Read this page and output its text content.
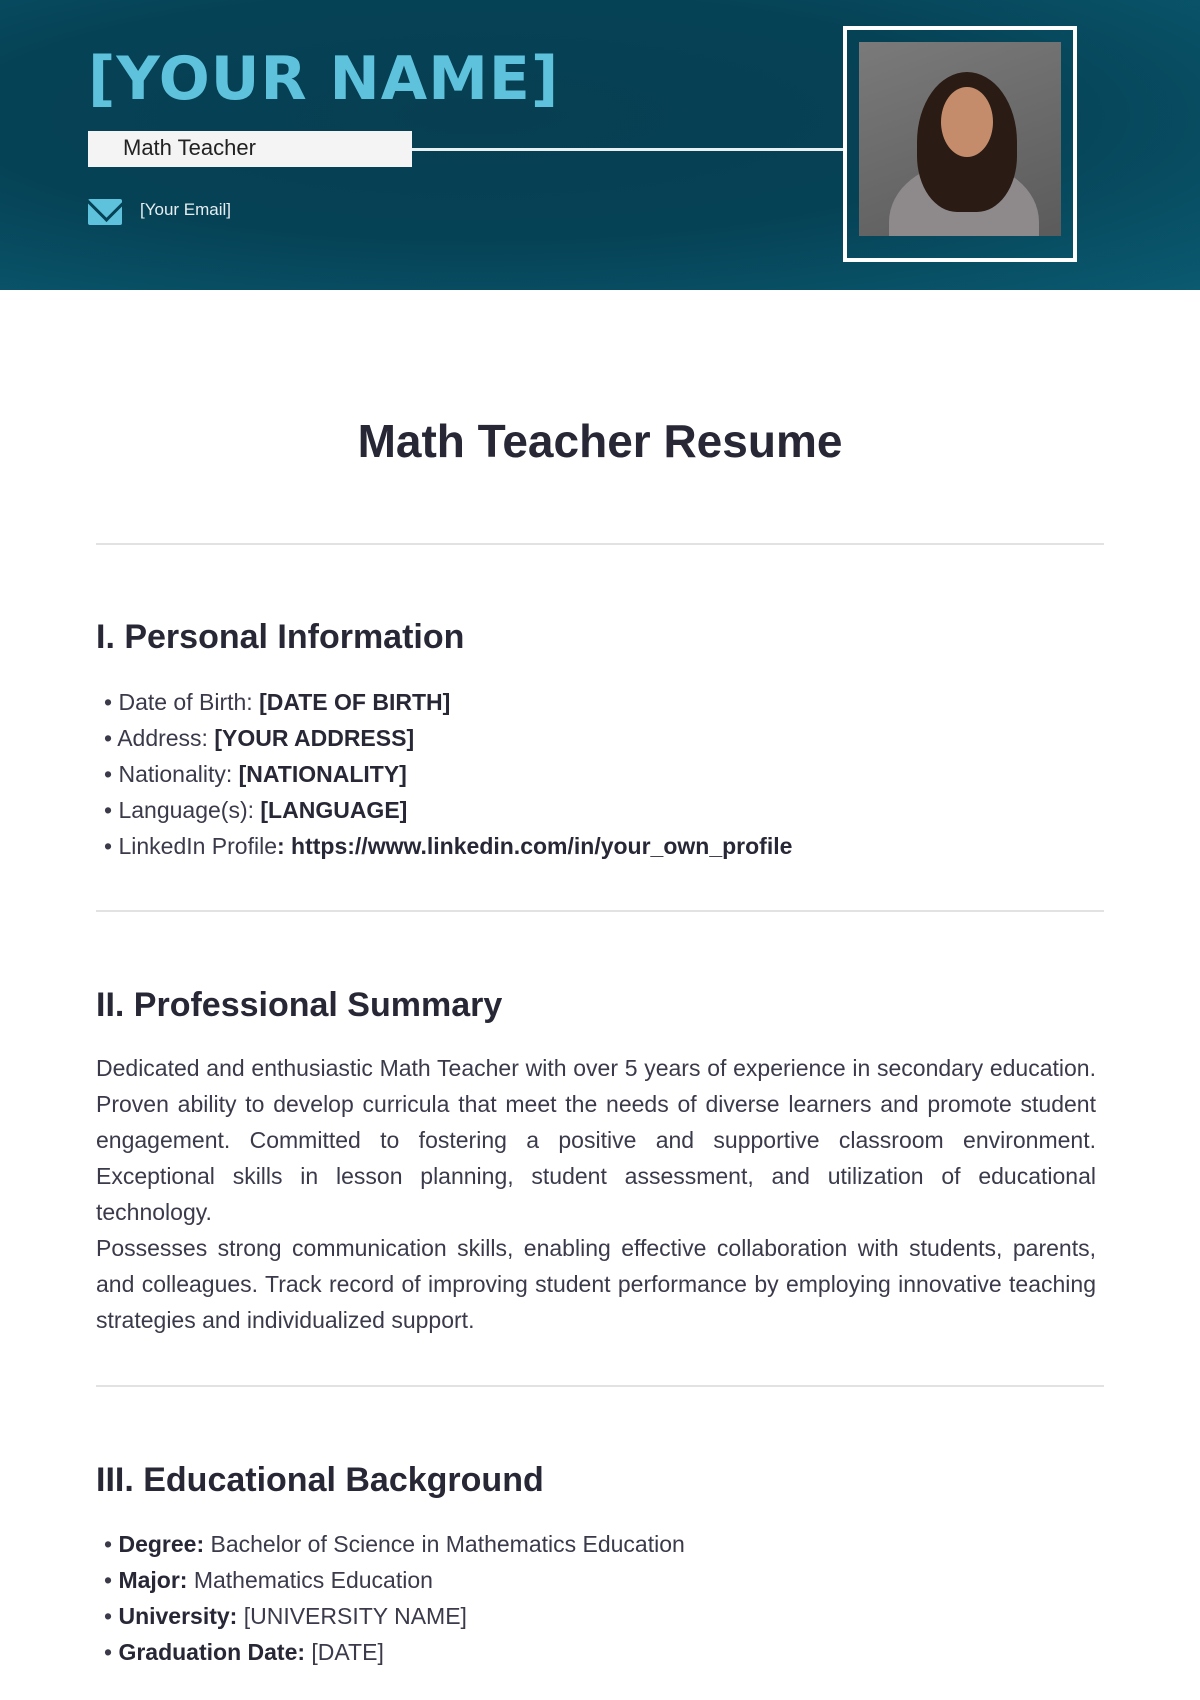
[YOUR NAME]
Math Teacher
[Your Email]
Math Teacher Resume
I. Personal Information
• Date of Birth: [DATE OF BIRTH]
• Address: [YOUR ADDRESS]
• Nationality: [NATIONALITY]
• Language(s): [LANGUAGE]
• LinkedIn Profile: https://www.linkedin.com/in/your_own_profile
II. Professional Summary
Dedicated and enthusiastic Math Teacher with over 5 years of experience in secondary education. Proven ability to develop curricula that meet the needs of diverse learners and promote student engagement. Committed to fostering a positive and supportive classroom environment. Exceptional skills in lesson planning, student assessment, and utilization of educational technology.
Possesses strong communication skills, enabling effective collaboration with students, parents, and colleagues. Track record of improving student performance by employing innovative teaching strategies and individualized support.
III. Educational Background
• Degree: Bachelor of Science in Mathematics Education
• Major: Mathematics Education
• University: [UNIVERSITY NAME]
• Graduation Date: [DATE]
